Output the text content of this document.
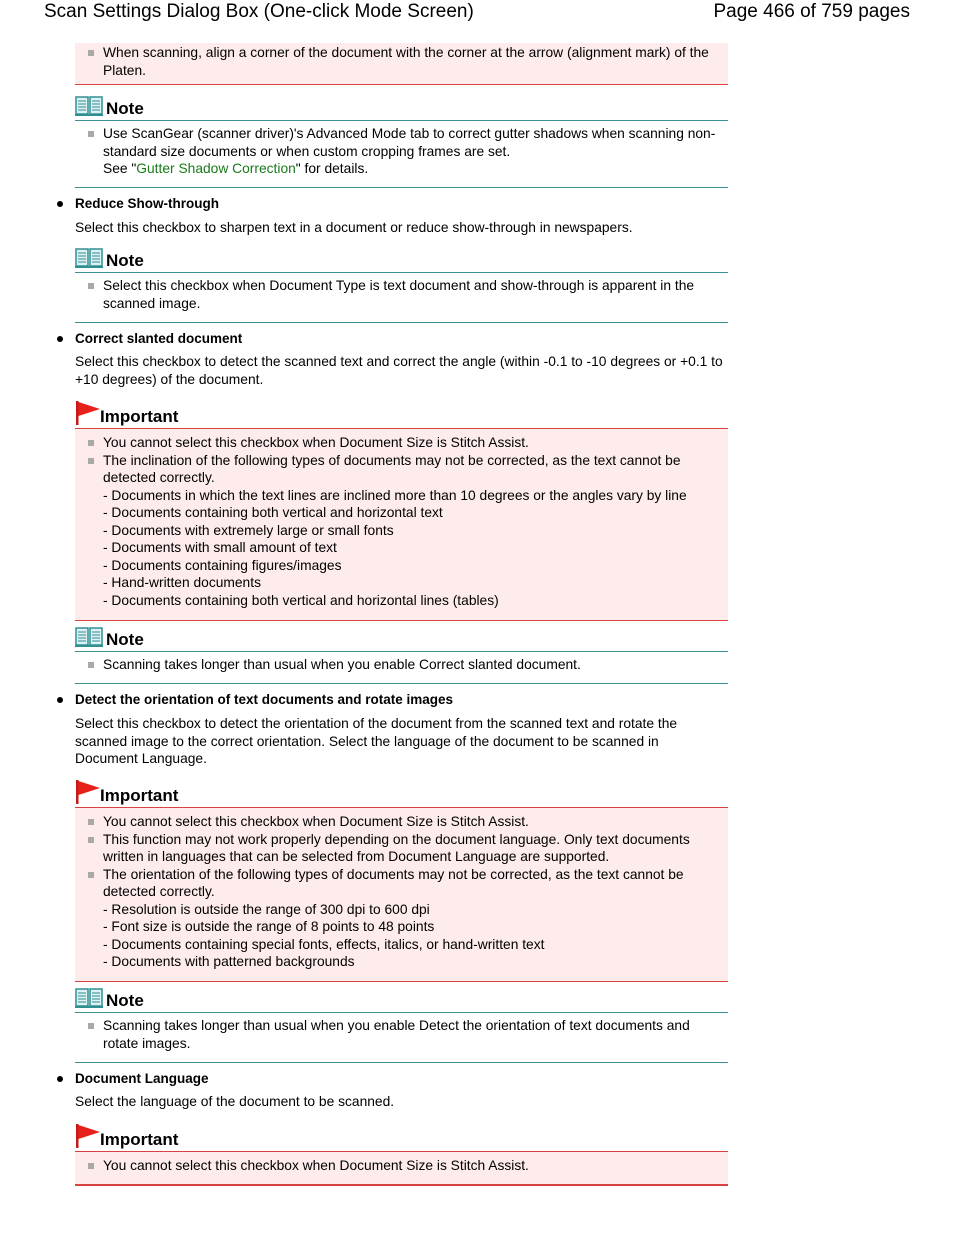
Scan Settings Dialog Box (One-click Mode Screen)	Page 466 of 759 pages
When scanning, align a corner of the document with the corner at the arrow (alignment mark) of the Platen.
Note
Use ScanGear (scanner driver)'s Advanced Mode tab to correct gutter shadows when scanning non-standard size documents or when custom cropping frames are set.
See "Gutter Shadow Correction" for details.
Reduce Show-through
Select this checkbox to sharpen text in a document or reduce show-through in newspapers.
Note
Select this checkbox when Document Type is text document and show-through is apparent in the scanned image.
Correct slanted document
Select this checkbox to detect the scanned text and correct the angle (within -0.1 to -10 degrees or +0.1 to +10 degrees) of the document.
Important
You cannot select this checkbox when Document Size is Stitch Assist.
The inclination of the following types of documents may not be corrected, as the text cannot be detected correctly.
- Documents in which the text lines are inclined more than 10 degrees or the angles vary by line
- Documents containing both vertical and horizontal text
- Documents with extremely large or small fonts
- Documents with small amount of text
- Documents containing figures/images
- Hand-written documents
- Documents containing both vertical and horizontal lines (tables)
Note
Scanning takes longer than usual when you enable Correct slanted document.
Detect the orientation of text documents and rotate images
Select this checkbox to detect the orientation of the document from the scanned text and rotate the scanned image to the correct orientation. Select the language of the document to be scanned in Document Language.
Important
You cannot select this checkbox when Document Size is Stitch Assist.
This function may not work properly depending on the document language. Only text documents written in languages that can be selected from Document Language are supported.
The orientation of the following types of documents may not be corrected, as the text cannot be detected correctly.
- Resolution is outside the range of 300 dpi to 600 dpi
- Font size is outside the range of 8 points to 48 points
- Documents containing special fonts, effects, italics, or hand-written text
- Documents with patterned backgrounds
Note
Scanning takes longer than usual when you enable Detect the orientation of text documents and rotate images.
Document Language
Select the language of the document to be scanned.
Important
You cannot select this checkbox when Document Size is Stitch Assist.
